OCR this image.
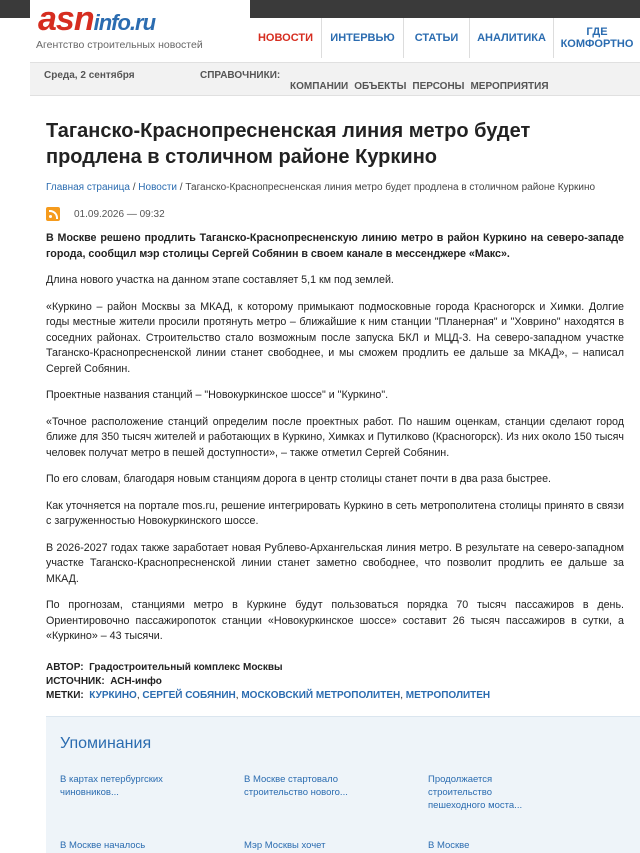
asninfo.ru
Агентство строительных новостей
НОВОСТИ	ИНТЕРВЬЮ	СТАТЬИ	АНАЛИТИКА	ГДЕ КОМФОРТНО
Среда, 2 сентября	СПРАВОЧНИКИ:
КОМПАНИИ ОБЪЕКТЫ ПЕРСОНЫ МЕРОПРИЯТИЯ
Таганско-Краснопресненская линия метро будет продлена в столичном районе Куркино
Главная страница / Новости / Таганско-Краснопресненская линия метро будет продлена в столичном районе Куркино
01.09.2026 — 09:32

В Москве решено продлить Таганско-Краснопресненскую линию метро в район Куркино на северо-западе города, сообщил мэр столицы Сергей Собянин в своем канале в мессенджере «Макс».

Длина нового участка на данном этапе составляет 5,1 км под землей.

«Куркино – район Москвы за МКАД, к которому примыкают подмосковные города Красногорск и Химки. Долгие годы местные жители просили протянуть метро – ближайшие к ним станции "Планерная" и "Ховрино" находятся в соседних районах. Строительство стало возможным после запуска БКЛ и МЦД-3. На северо-западном участке Таганско-Краснопресненской линии станет свободнее, и мы сможем продлить ее дальше за МКАД», – написал Сергей Собянин.

Проектные названия станций – "Новокуркинское шоссе" и "Куркино".

«Точное расположение станций определим после проектных работ. По нашим оценкам, станции сделают город ближе для 350 тысяч жителей и работающих в Куркино, Химках и Путилково (Красногорск). Из них около 150 тысяч человек получат метро в пешей доступности», – также отметил Сергей Собянин.

По его словам, благодаря новым станциям дорога в центр столицы станет почти в два раза быстрее.

Как уточняется на портале mos.ru, решение интегрировать Куркино в сеть метрополитена столицы принято в связи с загруженностью Новокуркинского шоссе.

В 2026-2027 годах также заработает новая Рублево-Архангельская линия метро. В результате на северо-западном участке Таганско-Краснопресненской линии станет заметно свободнее, что позволит продлить ее дальше за МКАД.

По прогнозам, станциями метро в Куркине будут пользоваться порядка 70 тысяч пассажиров в день. Ориентировочно пассажиропоток станции «Новокуркинское шоссе» составит 26 тысяч пассажиров в сутки, а «Куркино» – 43 тысячи.

АВТОР: Градостроительный комплекс Москвы
ИСТОЧНИК: АСН-инфо
МЕТКИ: КУРКИНО, СЕРГЕЙ СОБЯНИН, МОСКОВСКИЙ МЕТРОПОЛИТЕН, МЕТРОПОЛИТЕН
Упоминания
В картах петербургских чиновников...
В Москве стартовало строительство нового...
Продолжается строительство пешеходного моста...
В Москве началось	Мэр Москвы хочет	В Москве
